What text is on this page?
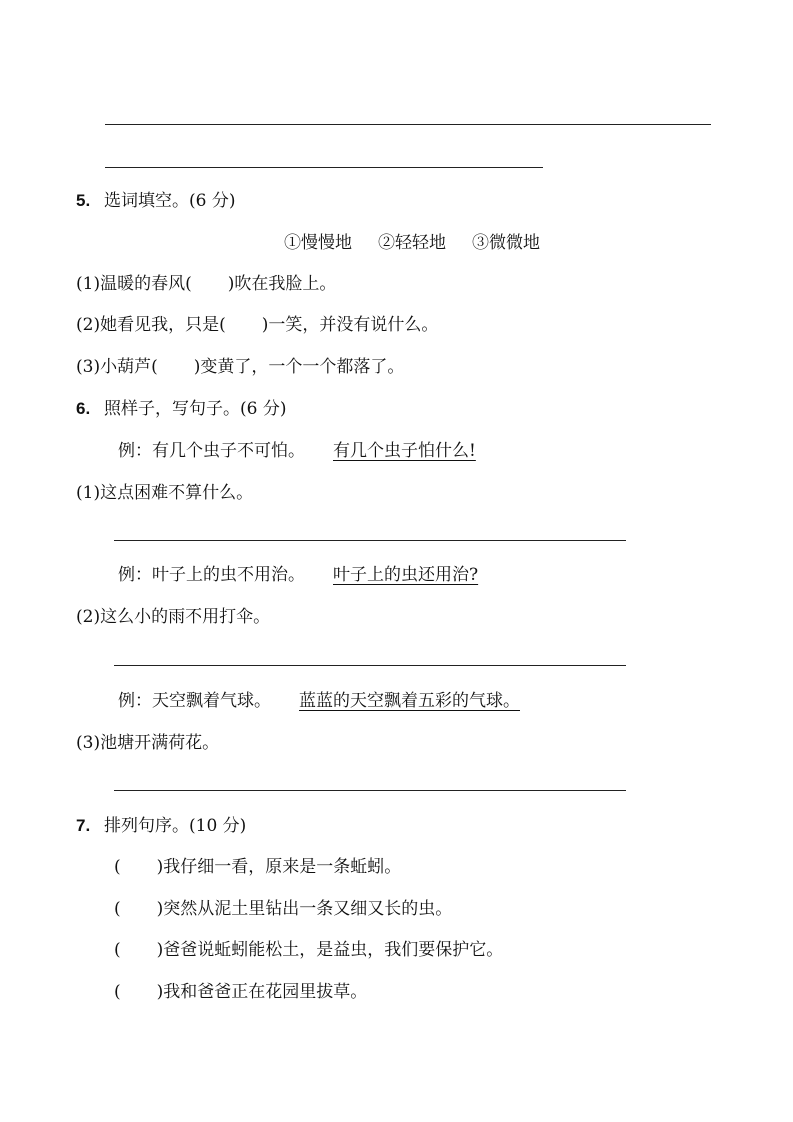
5. 选词填空。(6 分)
①慢慢地 ②轻轻地 ③微微地
(1)温暖的春风( )吹在我脸上。
(2)她看见我，只是( )一笑，并没有说什么。
(3)小葫芦( )变黄了，一个一个都落了。
6. 照样子，写句子。(6 分)
例：有几个虫子不可怕。 有几个虫子怕什么!
(1)这点困难不算什么。
例：叶子上的虫不用治。 叶子上的虫还用治?
(2)这么小的雨不用打伞。
例：天空飘着气球。 蓝蓝的天空飘着五彩的气球。
(3)池塘开满荷花。
7. 排列句序。(10 分)
( )我仔细一看，原来是一条蚯蚓。
( )突然从泥土里钻出一条又细又长的虫。
( )爸爸说蚯蚓能松土，是益虫，我们要保护它。
( )我和爸爸正在花园里拔草。
